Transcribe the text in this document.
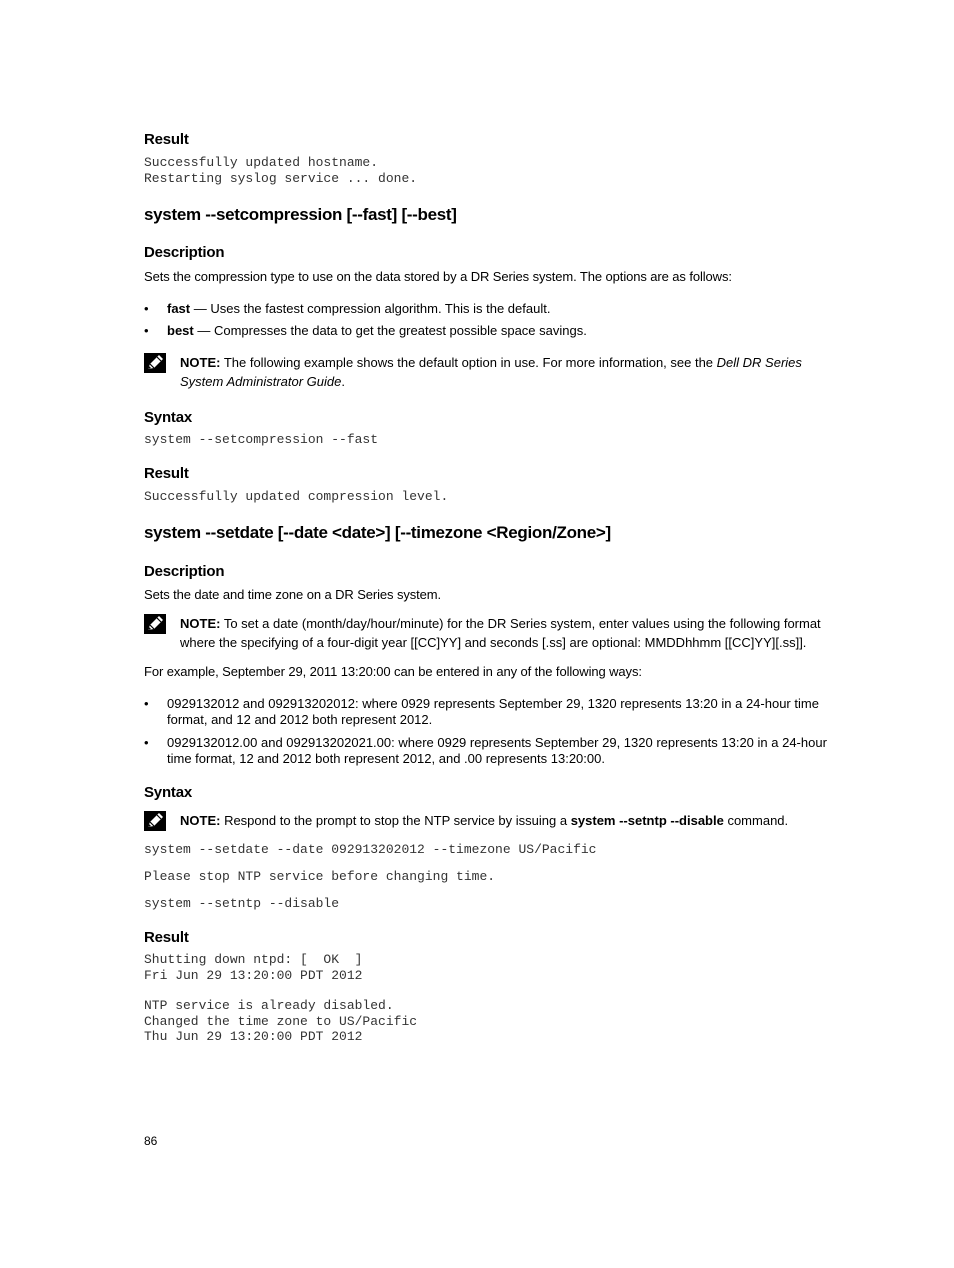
Result
Successfully updated hostname.
Restarting syslog service ... done.
system --setcompression [--fast] [--best]
Description
Sets the compression type to use on the data stored by a DR Series system. The options are as follows:
• fast — Uses the fastest compression algorithm. This is the default.
• best — Compresses the data to get the greatest possible space savings.
NOTE: The following example shows the default option in use. For more information, see the Dell DR Series System Administrator Guide.
Syntax
system --setcompression --fast
Result
Successfully updated compression level.
system --setdate [--date <date>] [--timezone <Region/Zone>]
Description
Sets the date and time zone on a DR Series system.
NOTE: To set a date (month/day/hour/minute) for the DR Series system, enter values using the following format where the specifying of a four-digit year [[CC]YY] and seconds [.ss] are optional: MMDDhhmm [[CC]YY][.ss]].
For example, September 29, 2011 13:20:00 can be entered in any of the following ways:
• 0929132012 and 092913202012: where 0929 represents September 29, 1320 represents 13:20 in a 24-hour time format, and 12 and 2012 both represent 2012.
• 0929132012.00 and 092913202021.00: where 0929 represents September 29, 1320 represents 13:20 in a 24-hour time format, 12 and 2012 both represent 2012, and .00 represents 13:20:00.
Syntax
NOTE: Respond to the prompt to stop the NTP service by issuing a system --setntp --disable command.
system --setdate --date 092913202012 --timezone US/Pacific
Please stop NTP service before changing time.
system --setntp --disable
Result
Shutting down ntpd: [  OK  ]
Fri Jun 29 13:20:00 PDT 2012
NTP service is already disabled.
Changed the time zone to US/Pacific
Thu Jun 29 13:20:00 PDT 2012
86
